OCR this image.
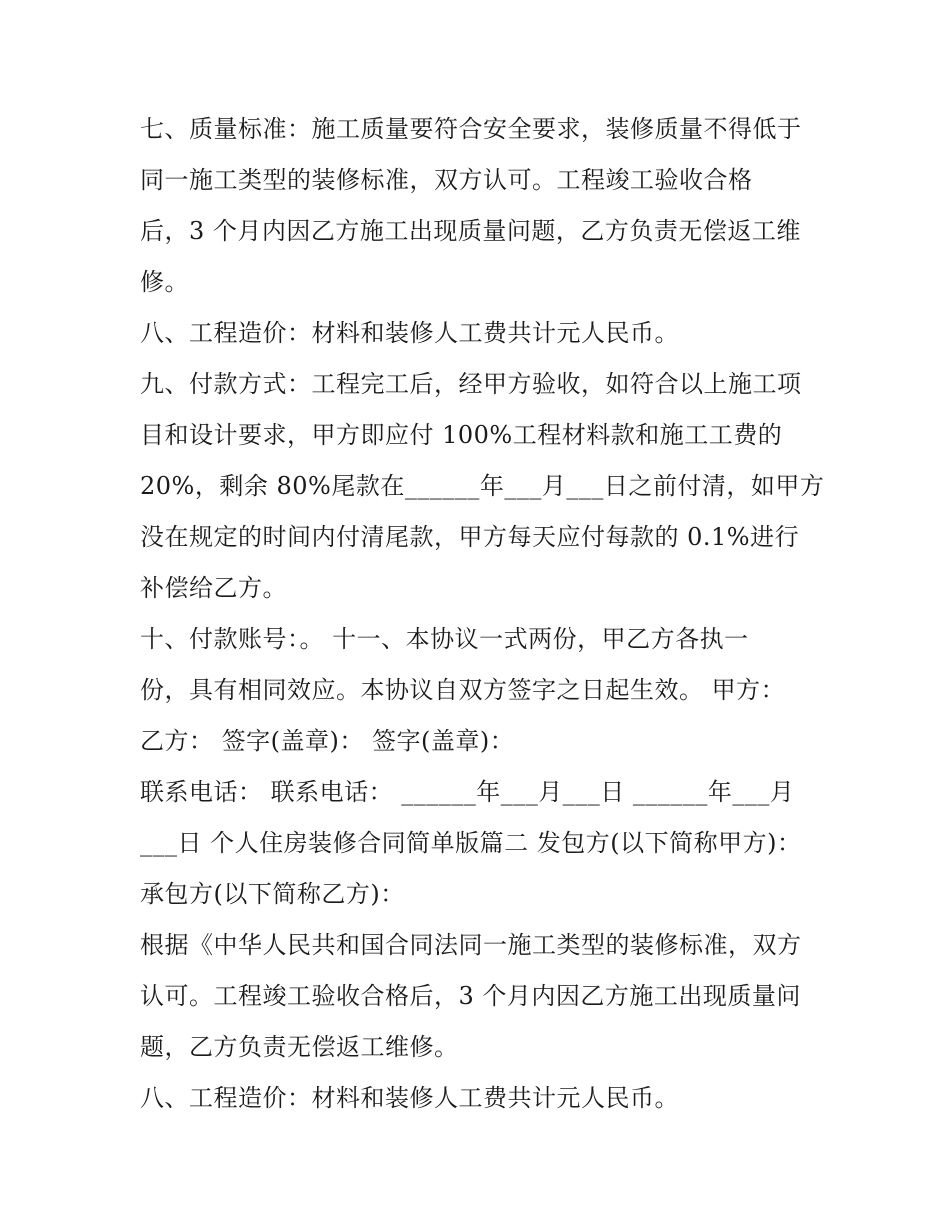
七、质量标准：施工质量要符合安全要求，装修质量不得低于
同一施工类型的装修标准，双方认可。工程竣工验收合格
后，3 个月内因乙方施工出现质量问题，乙方负责无偿返工维
修。
八、工程造价：材料和装修人工费共计元人民币。
九、付款方式：工程完工后，经甲方验收，如符合以上施工项
目和设计要求，甲方即应付 100%工程材料款和施工工费的
20%，剩余 80%尾款在______年___月___日之前付清，如甲方
没在规定的时间内付清尾款，甲方每天应付每款的 0.1%进行
补偿给乙方。
十、付款账号：。 十一、本协议一式两份，甲乙方各执一
份，具有相同效应。本协议自双方签字之日起生效。 甲方：
乙方： 签字(盖章)： 签字(盖章)：
联系电话： 联系电话： ______年___月___日 ______年___月
___日 个人住房装修合同简单版篇二 发包方(以下简称甲方)：
承包方(以下简称乙方)：
根据《中华人民共和国合同法同一施工类型的装修标准，双方
认可。工程竣工验收合格后，3 个月内因乙方施工出现质量问
题，乙方负责无偿返工维修。
八、工程造价：材料和装修人工费共计元人民币。
